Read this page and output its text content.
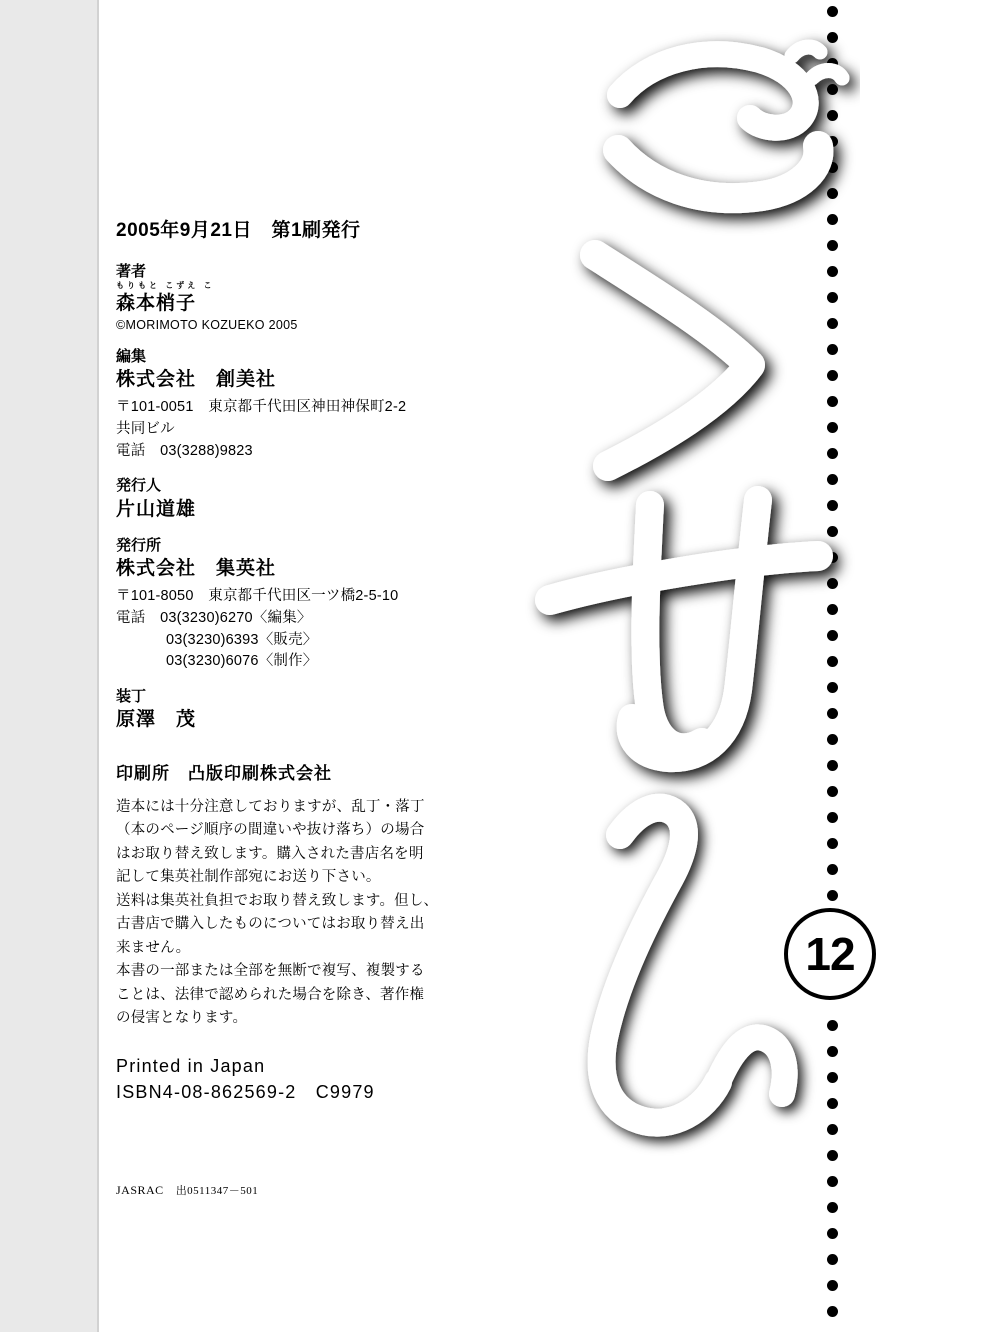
12
2005年9月21日　第1刷発行
著者
もりもと こずえ こ
森本梢子
©MORIMOTO KOZUEKO 2005
編集
株式会社　創美社
〒101-0051　東京都千代田区神田神保町2-2
共同ビル
電話　03(3288)9823
発行人
片山道雄
発行所
株式会社　集英社
〒101-8050　東京都千代田区一ツ橋2-5-10
電話　03(3230)6270〈編集〉
03(3230)6393〈販売〉
03(3230)6076〈制作〉
装丁
原澤　茂
印刷所　凸版印刷株式会社

造本には十分注意しておりますが、乱丁・落丁

（本のページ順序の間違いや抜け落ち）の場合

はお取り替え致します。購入された書店名を明

記して集英社制作部宛にお送り下さい。

送料は集英社負担でお取り替え致します。但し、

古書店で購入したものについてはお取り替え出

来ません。

本書の一部または全部を無断で複写、複製する

ことは、法律で認められた場合を除き、著作権

の侵害となります。

Printed in Japan
ISBN4-08-862569-2　C9979
JASRAC 出0511347－501
